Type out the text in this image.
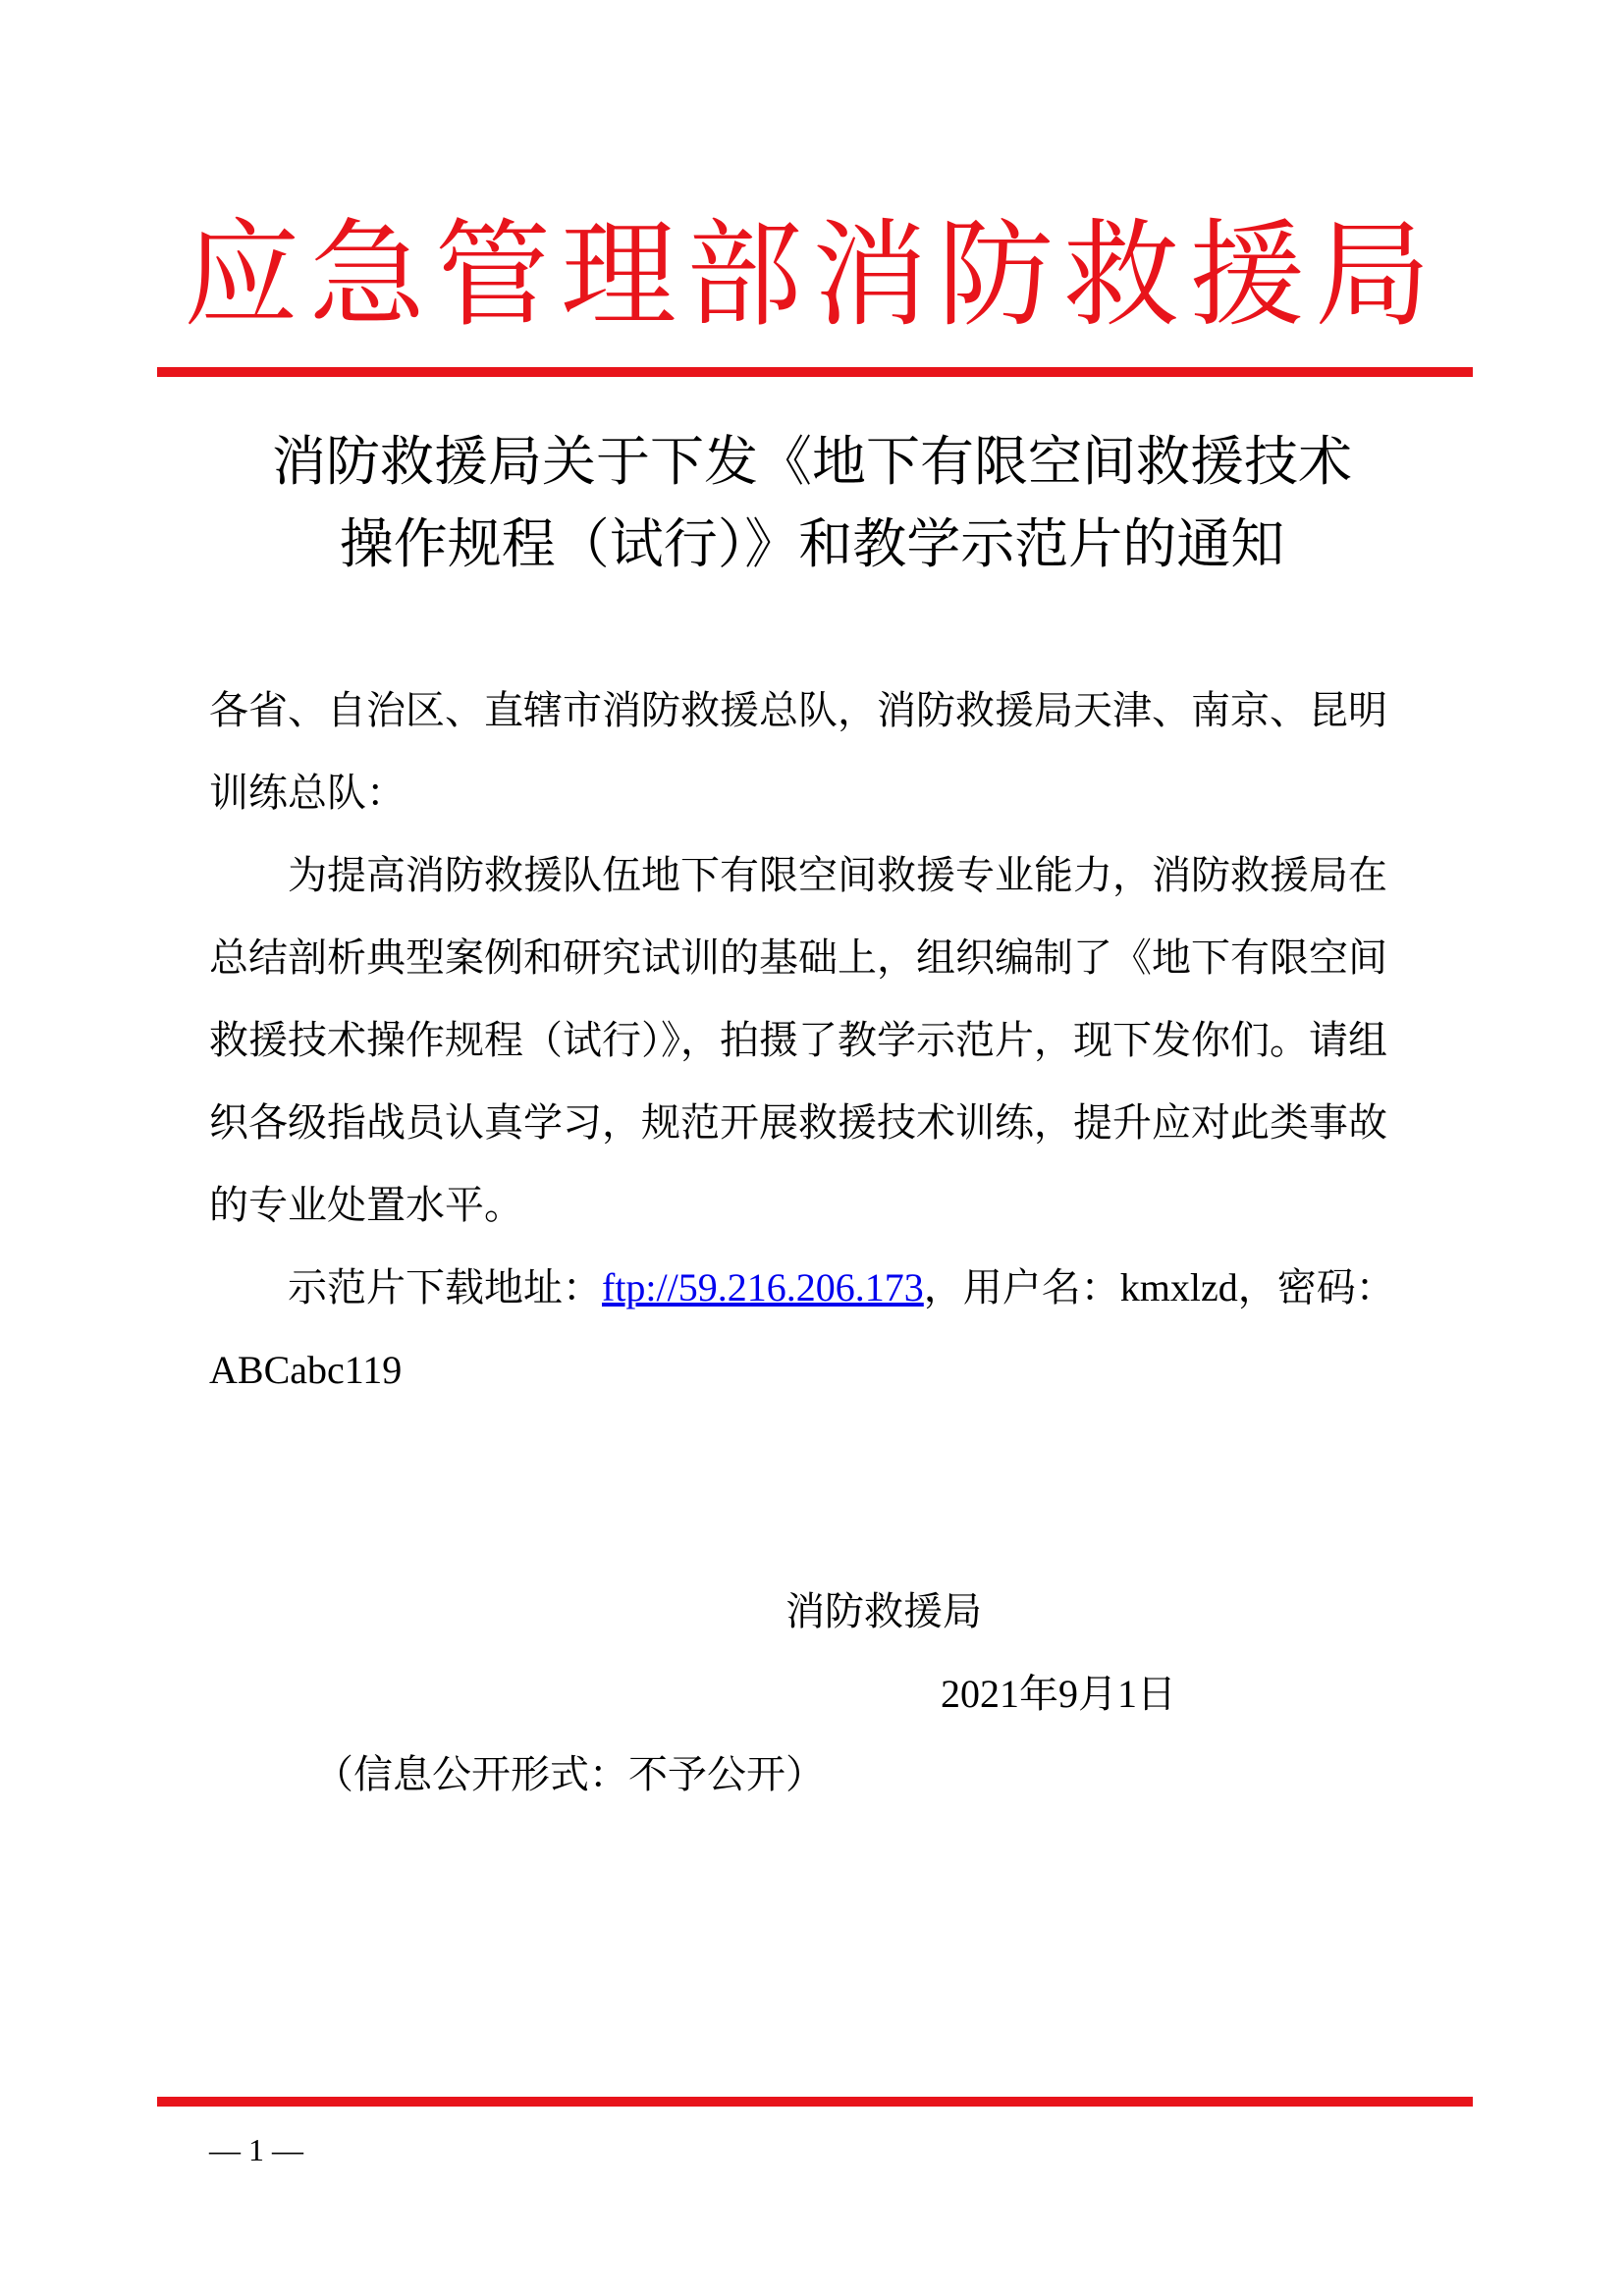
应急管理部消防救援局
消防救援局关于下发《地下有限空间救援技术
操作规程（试行）》和教学示范片的通知
各省、自治区、直辖市消防救援总队，消防救援局天津、南京、昆明训练总队：
为提高消防救援队伍地下有限空间救援专业能力，消防救援局在总结剖析典型案例和研究试训的基础上，组织编制了《地下有限空间救援技术操作规程（试行）》，拍摄了教学示范片，现下发你们。请组织各级指战员认真学习，规范开展救援技术训练，提升应对此类事故的专业处置水平。
示范片下载地址：ftp://59.216.206.173，用户名：kmxlzd，密码：ABCabc119
消防救援局
2021年9月1日
（信息公开形式：不予公开）
— 1 —
